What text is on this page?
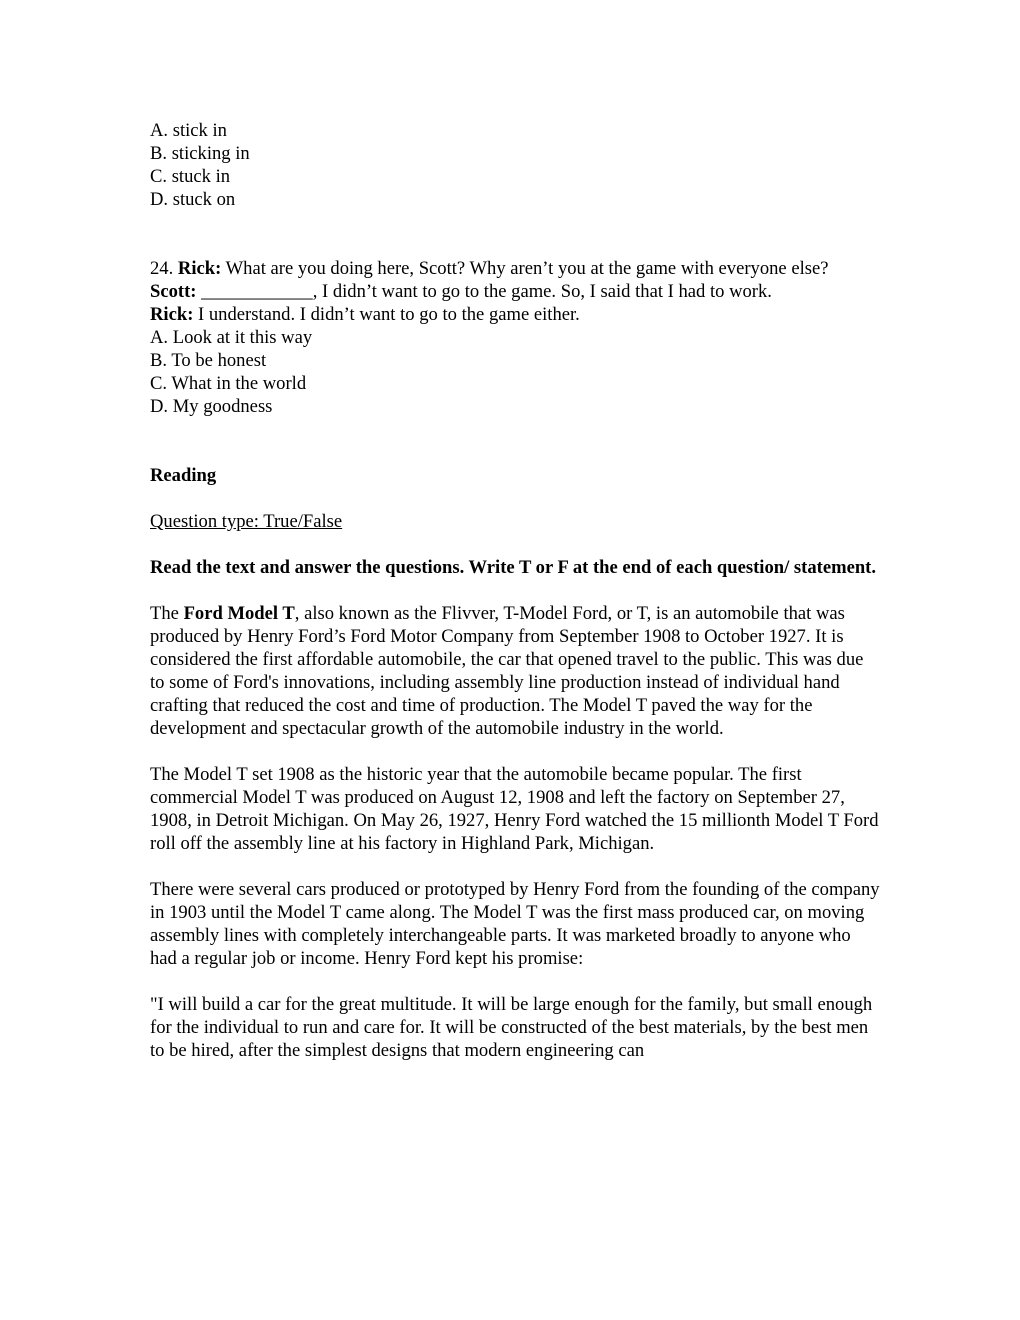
A. stick in

B. sticking in

C. stuck in

D. stuck on

24. Rick: What are you doing here, Scott? Why aren’t you at the game with everyone else?

Scott: ____________, I didn’t want to go to the game. So, I said that I had to work.

Rick: I understand. I didn’t want to go to the game either.

A. Look at it this way

B. To be honest

C. What in the world

D. My goodness

Reading

Question type: True/False

Read the text and answer the questions. Write T or F at the end of each question/ statement.

The Ford Model T, also known as the Flivver, T-Model Ford, or T, is an automobile that was produced by Henry Ford’s Ford Motor Company from September 1908 to October 1927. It is considered the first affordable automobile, the car that opened travel to the public. This was due to some of Ford's innovations, including assembly line production instead of individual hand crafting that reduced the cost and time of production. The Model T paved the way for the development and spectacular growth of the automobile industry in the world.

The Model T set 1908 as the historic year that the automobile became popular. The first commercial Model T was produced on August 12, 1908 and left the factory on September 27, 1908, in Detroit Michigan. On May 26, 1927, Henry Ford watched the 15 millionth Model T Ford roll off the assembly line at his factory in Highland Park, Michigan.

There were several cars produced or prototyped by Henry Ford from the founding of the company in 1903 until the Model T came along. The Model T was the first mass produced car, on moving assembly lines with completely interchangeable parts. It was marketed broadly to anyone who had a regular job or income. Henry Ford kept his promise:

"I will build a car for the great multitude. It will be large enough for the family, but small enough for the individual to run and care for. It will be constructed of the best materials, by the best men to be hired, after the simplest designs that modern engineering can
